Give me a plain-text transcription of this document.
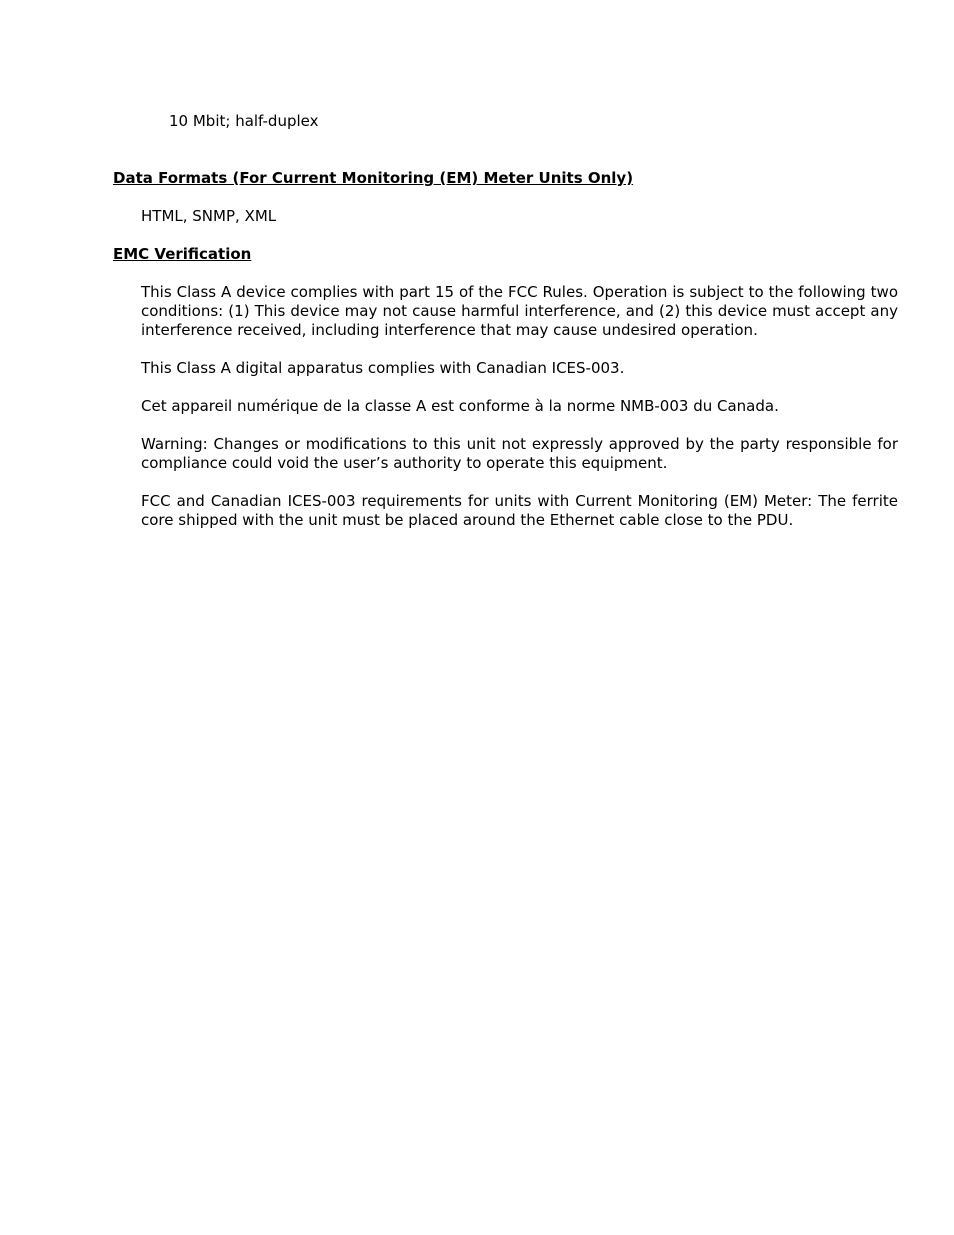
10 Mbit; half-duplex

Data Formats (For Current Monitoring (EM) Meter Units Only)

HTML, SNMP, XML

EMC Verification

This Class A device complies with part 15 of the FCC Rules. Operation is subject to the following two conditions: (1) This device may not cause harmful interference, and (2) this device must accept any interference received, including interference that may cause undesired operation.

This Class A digital apparatus complies with Canadian ICES-003.

Cet appareil numérique de la classe A est conforme à la norme NMB-003 du Canada.

Warning: Changes or modifications to this unit not expressly approved by the party responsible for compliance could void the user’s authority to operate this equipment.

FCC and Canadian ICES-003 requirements for units with Current Monitoring (EM) Meter: The ferrite core shipped with the unit must be placed around the Ethernet cable close to the PDU.
